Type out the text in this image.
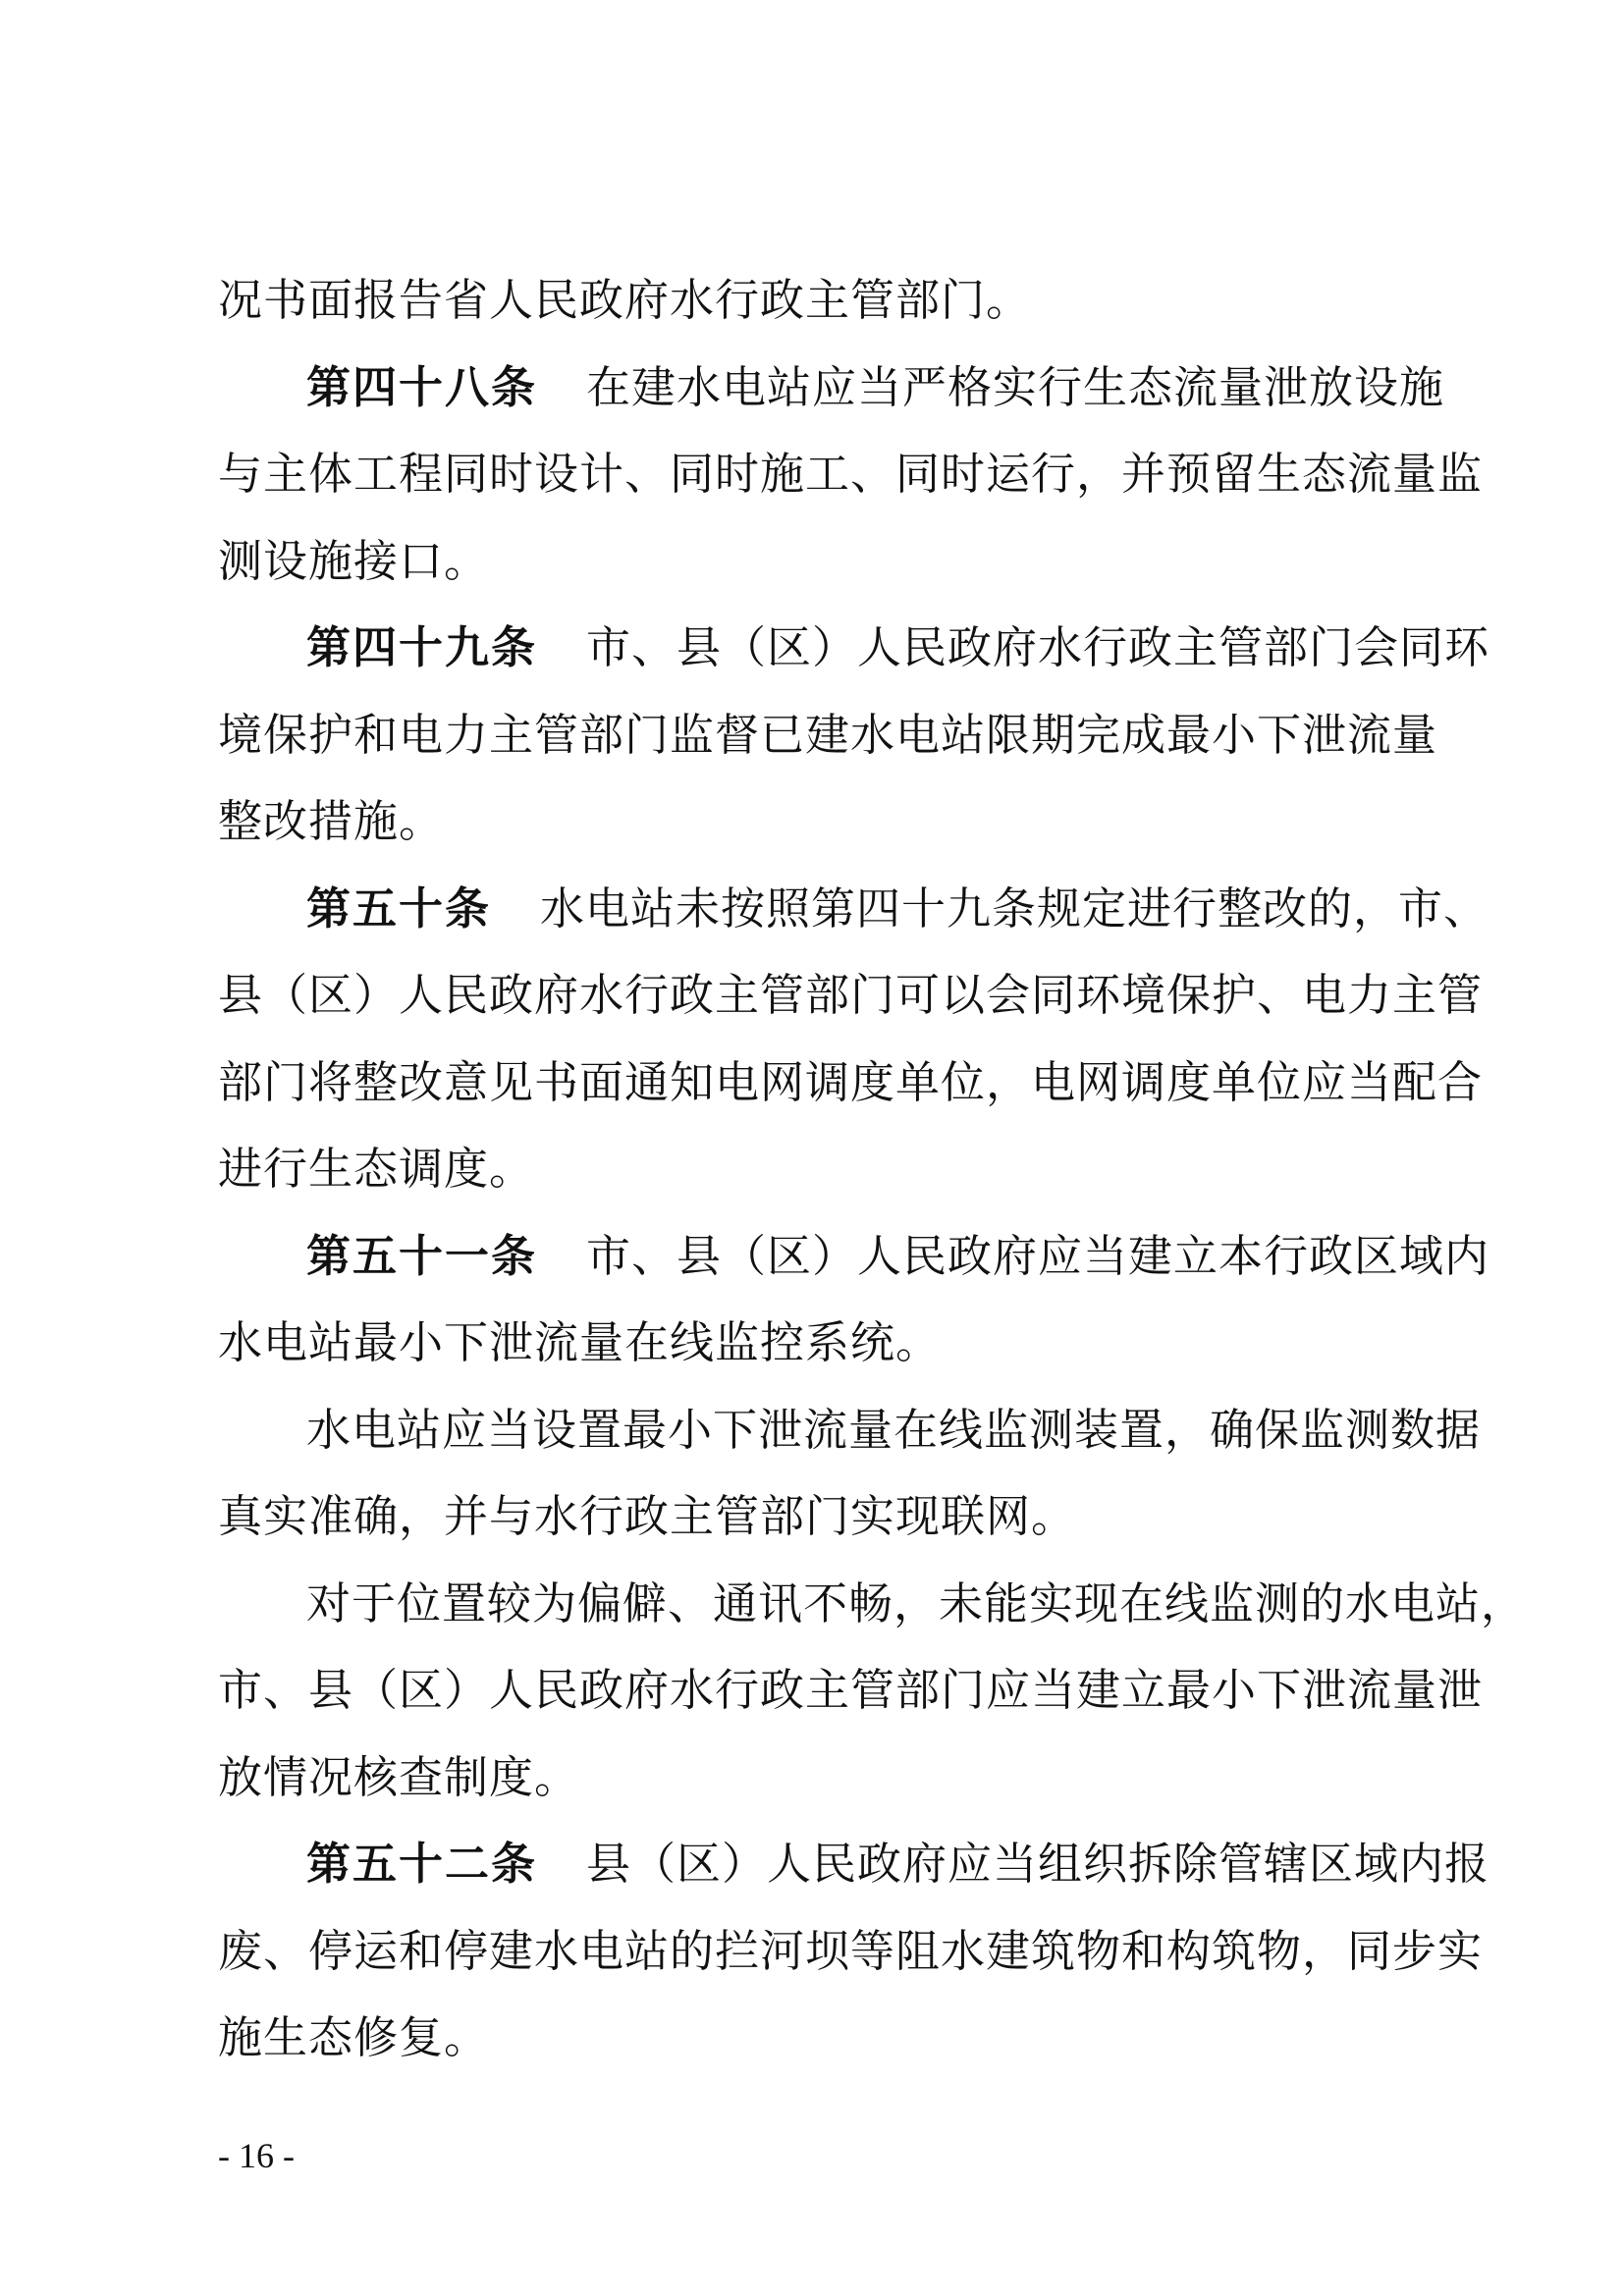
况书面报告省人民政府水行政主管部门。
第四十八条 在建水电站应当严格实行生态流量泄放设施
与主体工程同时设计、同时施工、同时运行，并预留生态流量监
测设施接口。
第四十九条 市、县（区）人民政府水行政主管部门会同环
境保护和电力主管部门监督已建水电站限期完成最小下泄流量
整改措施。
第五十条 水电站未按照第四十九条规定进行整改的，市、
县（区）人民政府水行政主管部门可以会同环境保护、电力主管
部门将整改意见书面通知电网调度单位，电网调度单位应当配合
进行生态调度。
第五十一条 市、县（区）人民政府应当建立本行政区域内
水电站最小下泄流量在线监控系统。
水电站应当设置最小下泄流量在线监测装置，确保监测数据
真实准确，并与水行政主管部门实现联网。
对于位置较为偏僻、通讯不畅，未能实现在线监测的水电站，
市、县（区）人民政府水行政主管部门应当建立最小下泄流量泄
放情况核查制度。
第五十二条 县（区）人民政府应当组织拆除管辖区域内报
废、停运和停建水电站的拦河坝等阻水建筑物和构筑物，同步实
施生态修复。
- 16 -
